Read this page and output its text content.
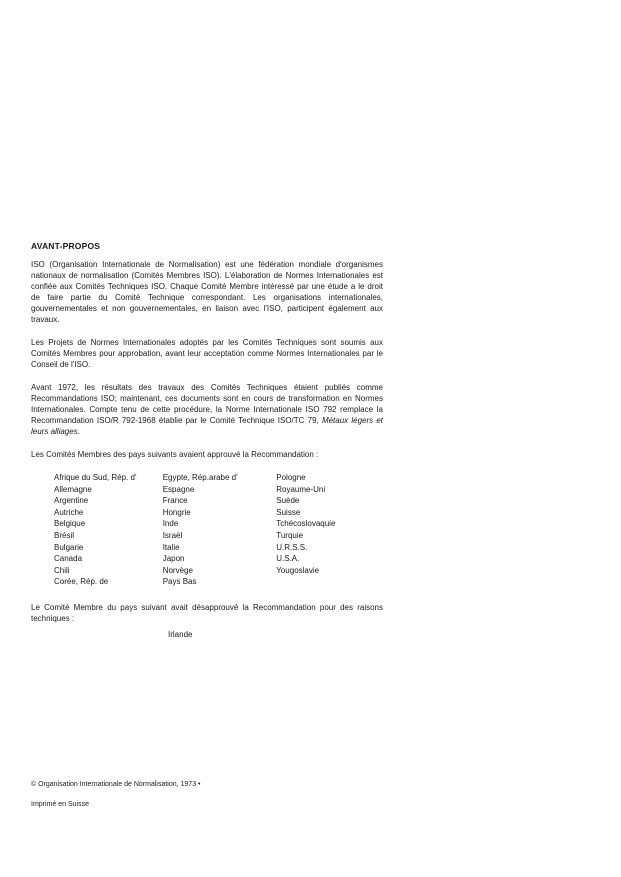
AVANT-PROPOS

ISO (Organisation Internationale de Normalisation) est une fédération mondiale d'organismes nationaux de normalisation (Comités Membres ISO). L'élaboration de Normes Internationales est confiée aux Comités Techniques ISO. Chaque Comité Membre intéressé par une étude a le droit de faire partie du Comité Technique correspondant. Les organisations internationales, gouvernementales et non gouvernementales, en liaison avec l'ISO, participent également aux travaux.

Les Projets de Normes Internationales adoptés par les Comités Techniques sont soumis aux Comités Membres pour approbation, avant leur acceptation comme Normes Internationales par le Conseil de l'ISO.

Avant 1972, les résultats des travaux des Comités Techniques étaient publiés comme Recommandations ISO; maintenant, ces documents sont en cours de transformation en Normes Internationales. Compte tenu de cette procédure, la Norme Internationale ISO 792 remplace la Recommandation ISO/R 792-1968 établie par le Comité Technique ISO/TC 79, Métaux légers et leurs alliages.

Les Comités Membres des pays suivants avaient approuvé la Recommandation :

Afrique du Sud, Rép. d'
Allemagne
Argentine
Autriche
Belgique
Brésil
Bulgarie
Canada
Chili
Corée, Rép. de
Egypte, Rép.arabe d'
Espagne
France
Hongrie
Inde
Israël
Italie
Japon
Norvège
Pays Bas
Pologne
Royaume-Uni
Suède
Suisse
Tchécoslovaquie
Turquie
U.R.S.S.
U.S.A.
Yougoslavie

Le Comité Membre du pays suivant avait désapprouvé la Recommandation pour des raisons techniques :

Irlande
© Organisation Internationale de Normalisation, 1973 •
Imprimé en Suisse
